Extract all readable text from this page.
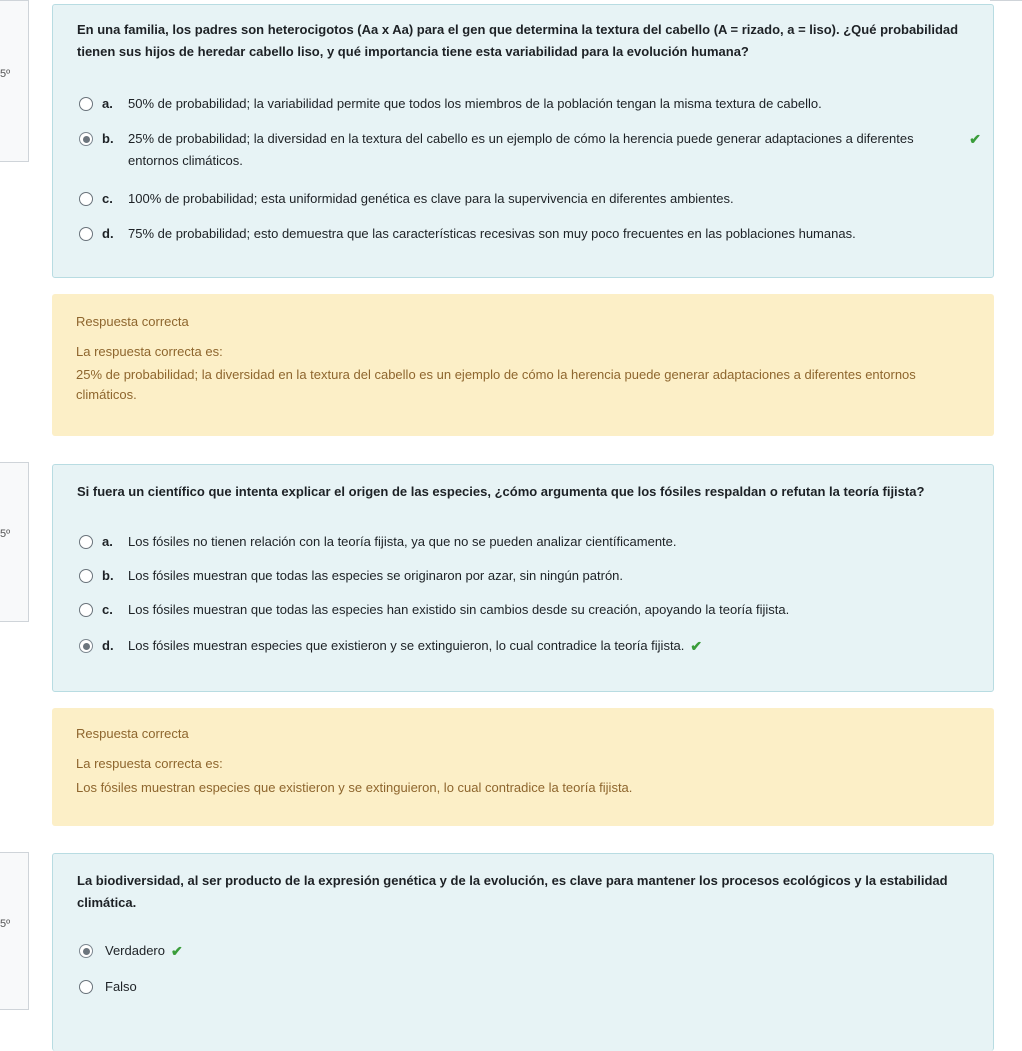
5º
En una familia, los padres son heterocigotos (Aa x Aa) para el gen que determina la textura del cabello (A = rizado, a = liso). ¿Qué probabilidad tienen sus hijos de heredar cabello liso, y qué importancia tiene esta variabilidad para la evolución humana?
a.	50% de probabilidad; la variabilidad permite que todos los miembros de la población tengan la misma textura de cabello.
b.	25% de probabilidad; la diversidad en la textura del cabello es un ejemplo de cómo la herencia puede generar adaptaciones a diferentes entornos climáticos.
✔
c.	100% de probabilidad; esta uniformidad genética es clave para la supervivencia en diferentes ambientes.
d.	75% de probabilidad; esto demuestra que las características recesivas son muy poco frecuentes en las poblaciones humanas.
Respuesta correcta
La respuesta correcta es:
25% de probabilidad; la diversidad en la textura del cabello es un ejemplo de cómo la herencia puede generar adaptaciones a diferentes entornos climáticos.
5º
Si fuera un científico que intenta explicar el origen de las especies, ¿cómo argumenta que los fósiles respaldan o refutan la teoría fijista?
a.	Los fósiles no tienen relación con la teoría fijista, ya que no se pueden analizar científicamente.
b.	Los fósiles muestran que todas las especies se originaron por azar, sin ningún patrón.
c.	Los fósiles muestran que todas las especies han existido sin cambios desde su creación, apoyando la teoría fijista.
d.	Los fósiles muestran especies que existieron y se extinguieron, lo cual contradice la teoría fijista. ✔
Respuesta correcta
La respuesta correcta es:
Los fósiles muestran especies que existieron y se extinguieron, lo cual contradice la teoría fijista.
5º
La biodiversidad, al ser producto de la expresión genética y de la evolución, es clave para mantener los procesos ecológicos y la estabilidad climática.
Verdadero ✔
Falso
